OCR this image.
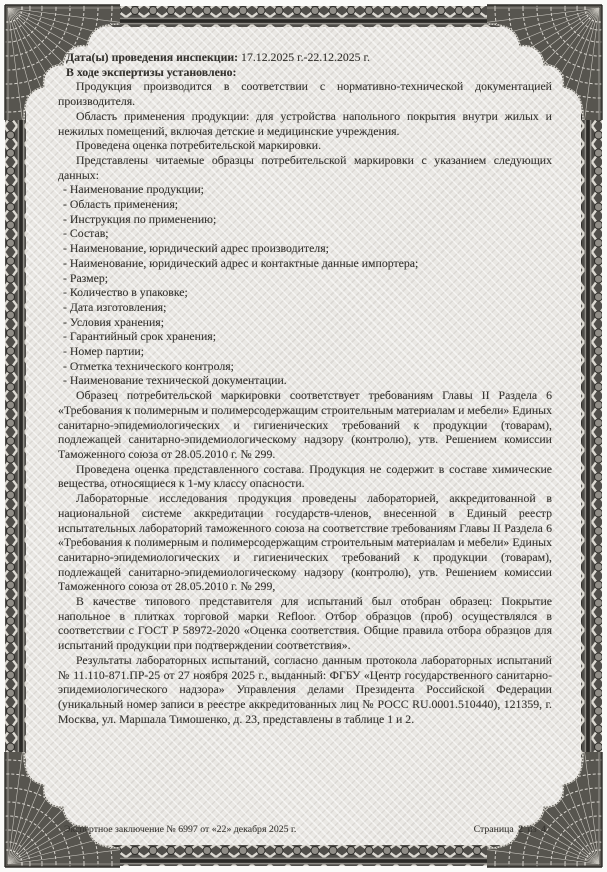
Дата(ы) проведения инспекции: 17.12.2025 г.-22.12.2025 г.

В ходе экспертизы установлено:

Продукция производится в соответствии с нормативно-технической документацией производителя.

Область применения продукции: для устройства напольного покрытия внутри жилых и нежилых помещений, включая детские и медицинские учреждения.

Проведена оценка потребительской маркировки.

Представлены читаемые образцы потребительской маркировки с указанием следующих данных:

- Наименование продукции;

- Область применения;

- Инструкция по применению;

- Состав;

- Наименование, юридический адрес производителя;

- Наименование, юридический адрес и контактные данные импортера;

- Размер;

- Количество в упаковке;

- Дата изготовления;

- Условия хранения;

- Гарантийный срок хранения;

- Номер партии;

- Отметка технического контроля;

- Наименование технической документации.

Образец потребительской маркировки соответствует требованиям Главы II Раздела 6 «Требования к полимерным и полимерсодержащим строительным материалам и мебели» Единых санитарно-эпидемиологических и гигиенических требований к продукции (товарам), подлежащей санитарно-эпидемиологическому надзору (контролю), утв. Решением комиссии Таможенного союза от 28.05.2010 г. № 299.

Проведена оценка представленного состава. Продукция не содержит в составе химические вещества, относящиеся к 1-му классу опасности.

Лабораторные исследования продукция проведены лабораторией, аккредитованной в национальной системе аккредитации государств-членов, внесенной в Единый реестр испытательных лабораторий таможенного союза на соответствие требованиям Главы II Раздела 6 «Требования к полимерным и полимерсодержащим строительным материалам и мебели» Единых санитарно-эпидемиологических и гигиенических требований к продукции (товарам), подлежащей санитарно-эпидемиологическому надзору (контролю), утв. Решением комиссии Таможенного союза от 28.05.2010 г. № 299,

В качестве типового представителя для испытаний был отобран образец: Покрытие напольное в плитках торговой марки Refloor. Отбор образцов (проб) осуществлялся в соответствии с ГОСТ Р 58972-2020 «Оценка соответствия. Общие правила отбора образцов для испытаний продукции при подтверждении соответствия».

Результаты лабораторных испытаний, согласно данным протокола лабораторных испытаний № 11.110-871.ПР-25 от 27 ноября 2025 г., выданный: ФГБУ «Центр государственного санитарно-эпидемиологического надзора» Управления делами Президента Российской Федерации (уникальный номер записи в реестре аккредитованных лиц № РОСС RU.0001.510440), 121359, г. Москва, ул. Маршала Тимошенко, д. 23, представлены в таблице 1 и 2.

Экспертное заключение № 6997 от «22» декабря 2025 г.	Страница 2 из 4
